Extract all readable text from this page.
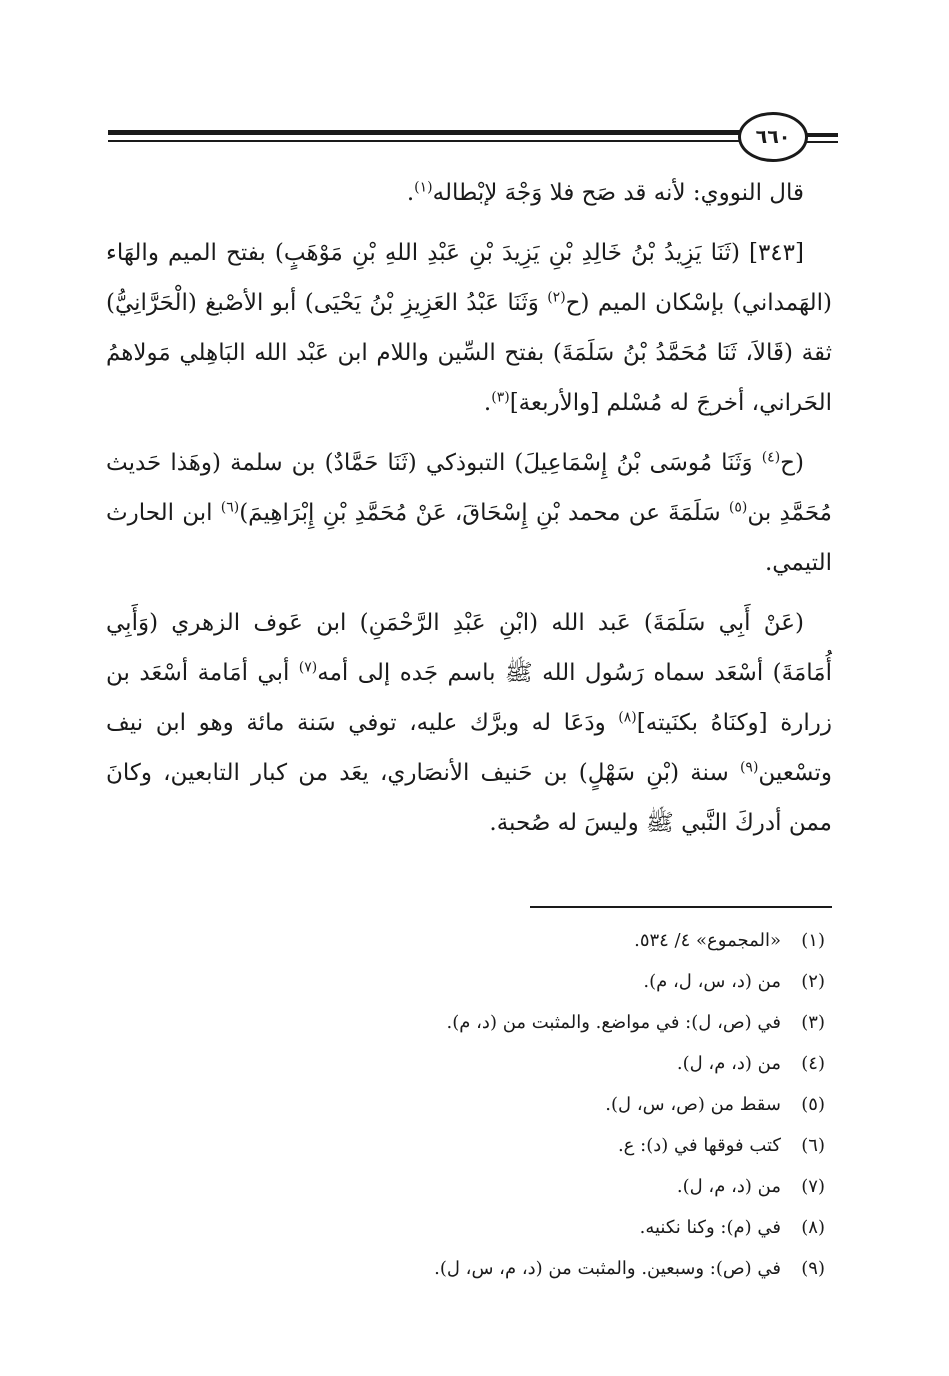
٦٦٠

قال النووي: لأنه قد صَح فلا وَجْهَ لإبْطاله$^{(١)}$.

[٣٤٣] (ثَنَا يَزِيدُ بْنُ خَالِدِ بْنِ يَزِيدَ بْنِ عَبْدِ اللهِ بْنِ مَوْهَبٍ) بفتح الميم والهَاء (الهَمداني) بإسْكان الميم (ح$^{(٢)}$ وَثَنَا عَبْدُ العَزِيزِ بْنُ يَحْيَى) أبو الأصْبغ (الْحَرَّانِيُّ) ثقة (قَالاَ، ثَنَا مُحَمَّدُ بْنُ سَلَمَةَ) بفتح السِّين واللام ابن عَبْد الله البَاهِلي مَولاهمُ الحَراني، أخرجَ له مُسْلم [والأربعة]$^{(٣)}$.

(ح$^{(٤)}$ وَثَنَا مُوسَى بْنُ إِسْمَاعِيلَ) التبوذكي (ثَنَا حَمَّادٌ) بن سلمة (وهَذا حَديث مُحَمَّدِ بن$^{(٥)}$ سَلَمَةَ عن محمد بْنِ إِسْحَاقَ، عَنْ مُحَمَّدِ بْنِ إِبْرَاهِيمَ)$^{(٦)}$ ابن الحارث التيمي.

(عَنْ أَبِي سَلَمَةَ) عَبد الله (ابْنِ عَبْدِ الرَّحْمَنِ) ابن عَوف الزهري (وَأَبِي أُمَامَةَ) أسْعَد سماه رَسُول الله ﷺ باسم جَده إلى أمه$^{(٧)}$ أبي أمَامة أسْعَد بن زرارة [وكنَاهُ بكنَيته]$^{(٨)}$ ودَعَا له وبرَّك عليه، توفي سَنة مائة وهو ابن نيف وتسْعين$^{(٩)}$ سنة (بْنِ سَهْلٍ) بن حَنيف الأنصَاري، يعَد من كبار التابعين، وكانَ ممن أدركَ النَّبي ﷺ وليسَ له صُحبة.

(١)
«المجموع» ٤/ ٥٣٤.
(٢)
من (د، س، ل، م).
(٣)
في (ص، ل): في مواضع. والمثبت من (د، م).
(٤)
من (د، م، ل).
(٥)
سقط من (ص، س، ل).
(٦)
كتب فوقها في (د): ع.
(٧)
من (د، م، ل).
(٨)
في (م): وكنا نكنيه.
(٩)
في (ص): وسبعين. والمثبت من (د، م، س، ل).
